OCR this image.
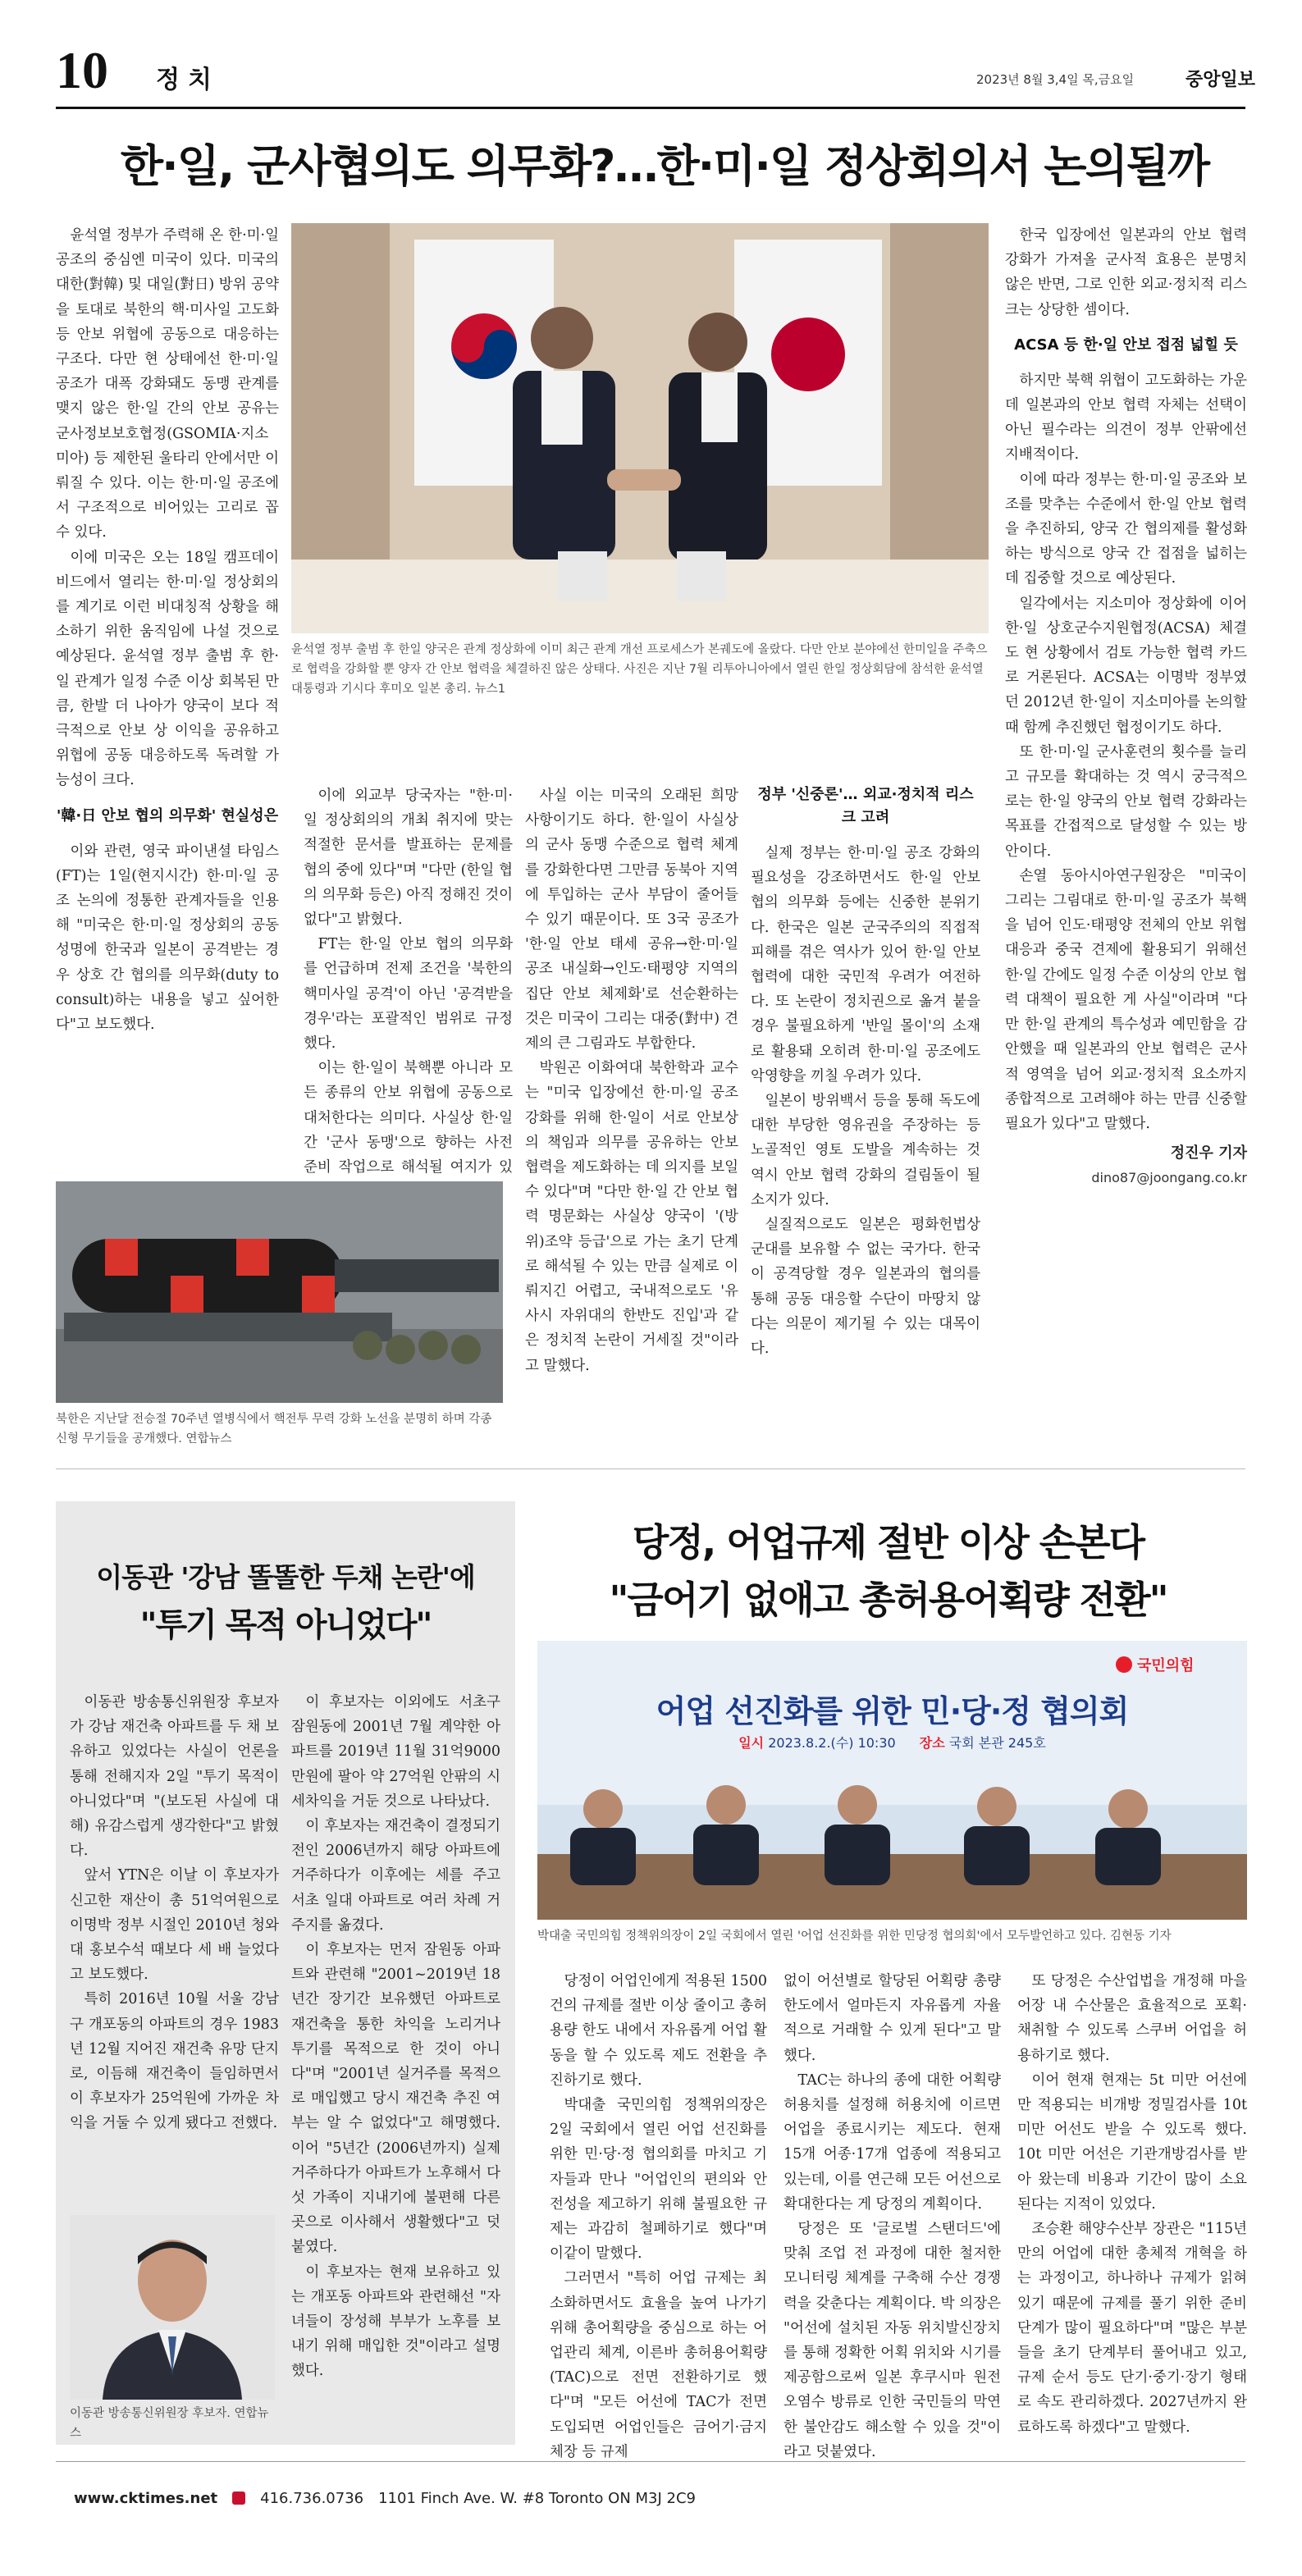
10 정치	2023년 8월 3,4일 목,금요일	중앙일보
한·일, 군사협의도 의무화?…한·미·일 정상회의서 논의될까

윤석열 정부가 주력해 온 한·미·일 공조의 중심엔 미국이 있다. 미국의 대한(對韓) 및 대일(對日) 방위 공약을 토대로 북한의 핵·미사일 고도화 등 안보 위협에 공동으로 대응하는 구조다. 다만 현 상태에선 한·미·일 공조가 대폭 강화돼도 동맹 관계를 맺지 않은 한·일 간의 안보 공유는 군사정보보호협정(GSOMIA·지소미아) 등 제한된 울타리 안에서만 이뤄질 수 있다. 이는 한·미·일 공조에서 구조적으로 비어있는 고리로 꼽수 있다.

이에 미국은 오는 18일 캠프데이비드에서 열리는 한·미·일 정상회의를 계기로 이런 비대칭적 상황을 해소하기 위한 움직임에 나설 것으로 예상된다. 윤석열 정부 출범 후 한·일 관계가 일정 수준 이상 회복된 만큼, 한발 더 나아가 양국이 보다 적극적으로 안보 상 이익을 공유하고 위협에 공동 대응하도록 독려할 가능성이 크다.

'韓·日 안보 협의 의무화' 현실성은

이와 관련, 영국 파이낸셜 타임스(FT)는 1일(현지시간) 한·미·일 공조 논의에 정통한 관계자들을 인용해 "미국은 한·미·일 정상회의 공동성명에 한국과 일본이 공격받는 경우 상호 간 협의를 의무화(duty to consult)하는 내용을 넣고 싶어한다"고 보도했다.

윤석열 정부 출범 후 한일 양국은 관계 정상화에 이미 최근 관계 개선 프로세스가 본궤도에 올랐다. 다만 안보 분야에선 한미일을 주축으로 협력을 강화할 뿐 양자 간 안보 협력을 체결하진 않은 상태다. 사진은 지난 7월 리투아니아에서 열린 한일 정상회담에 참석한 윤석열 대통령과 기시다 후미오 일본 총리. 뉴스1

이에 외교부 당국자는 "한·미·일 정상회의의 개최 취지에 맞는 적절한 문서를 발표하는 문제를 협의 중에 있다"며 "다만 (한일 협의 의무화 등은) 아직 정해진 것이 없다"고 밝혔다.

FT는 한·일 안보 협의 의무화를 언급하며 전제 조건을 '북한의 핵미사일 공격'이 아닌 '공격받을 경우'라는 포괄적인 범위로 규정했다.

이는 한·일이 북핵뿐 아니라 모든 종류의 안보 위협에 공동으로 대처한다는 의미다. 사실상 한·일 간 '군사 동맹'으로 향하는 사전 준비 작업으로 해석될 여지가 있

사실 이는 미국의 오래된 희망 사항이기도 하다. 한·일이 사실상의 군사 동맹 수준으로 협력 체계를 강화한다면 그만큼 동북아 지역에 투입하는 군사 부담이 줄어들 수 있기 때문이다. 또 3국 공조가 '한·일 안보 태세 공유→한·미·일 공조 내실화→인도·태평양 지역의 집단 안보 체제화'로 선순환하는 것은 미국이 그리는 대중(對中) 견제의 큰 그림과도 부합한다.

박원곤 이화여대 북한학과 교수는 "미국 입장에선 한·미·일 공조 강화를 위해 한·일이 서로 안보상의 책임과 의무를 공유하는 안보 협력을 제도화하는 데 의지를 보일 수 있다"며 "다만 한·일 간 안보 협력 명문화는 사실상 양국이 '(방위)조약 등급'으로 가는 초기 단계로 해석될 수 있는 만큼 실제로 이뤄지긴 어렵고, 국내적으로도 '유사시 자위대의 한반도 진입'과 같은 정치적 논란이 거세질 것"이라고 말했다.

정부 '신중론'… 외교·정치적 리스크 고려

실제 정부는 한·미·일 공조 강화의 필요성을 강조하면서도 한·일 안보 협의 의무화 등에는 신중한 분위기다. 한국은 일본 군국주의의 직접적 피해를 겪은 역사가 있어 한·일 안보 협력에 대한 국민적 우려가 여전하다. 또 논란이 정치권으로 옮겨 붙을 경우 불필요하게 '반일 몰이'의 소재로 활용돼 오히려 한·미·일 공조에도 악영향을 끼칠 우려가 있다.

일본이 방위백서 등을 통해 독도에 대한 부당한 영유권을 주장하는 등 노골적인 영토 도발을 계속하는 것 역시 안보 협력 강화의 걸림돌이 될 소지가 있다.

실질적으로도 일본은 평화헌법상 군대를 보유할 수 없는 국가다. 한국이 공격당할 경우 일본과의 협의를 통해 공동 대응할 수단이 마땅치 않다는 의문이 제기될 수 있는 대목이다.

한국 입장에선 일본과의 안보 협력 강화가 가져올 군사적 효용은 분명치 않은 반면, 그로 인한 외교·정치적 리스크는 상당한 셈이다.

ACSA 등 한·일 안보 접점 넓힐 듯

하지만 북핵 위협이 고도화하는 가운데 일본과의 안보 협력 자체는 선택이 아닌 필수라는 의견이 정부 안팎에선 지배적이다.

이에 따라 정부는 한·미·일 공조와 보조를 맞추는 수준에서 한·일 안보 협력을 추진하되, 양국 간 협의제를 활성화하는 방식으로 양국 간 접점을 넓히는 데 집중할 것으로 예상된다.

일각에서는 지소미아 정상화에 이어 한·일 상호군수지원협정(ACSA) 체결도 현 상황에서 검토 가능한 협력 카드로 거론된다. ACSA는 이명박 정부였던 2012년 한·일이 지소미아를 논의할 때 함께 추진했던 협정이기도 하다.

또 한·미·일 군사훈련의 횟수를 늘리고 규모를 확대하는 것 역시 궁극적으로는 한·일 양국의 안보 협력 강화라는 목표를 간접적으로 달성할 수 있는 방안이다.

손열 동아시아연구원장은 "미국이 그리는 그림대로 한·미·일 공조가 북핵을 넘어 인도·태평양 전체의 안보 위협 대응과 중국 견제에 활용되기 위해선 한·일 간에도 일정 수준 이상의 안보 협력 대책이 필요한 게 사실"이라며 "다만 한·일 관계의 특수성과 예민함을 감안했을 때 일본과의 안보 협력은 군사적 영역을 넘어 외교·정치적 요소까지 종합적으로 고려해야 하는 만큼 신중할 필요가 있다"고 말했다.

정진우 기자
dino87@joongang.co.kr
북한은 지난달 전승절 70주년 열병식에서 핵전투 무력 강화 노선을 분명히 하며 각종 신형 무기들을 공개했다. 연합뉴스
이동관 '강남 똘똘한 두채 논란'에
"투기 목적 아니었다"

이동관 방송통신위원장 후보자가 강남 재건축 아파트를 두 채 보유하고 있었다는 사실이 언론을 통해 전해지자 2일 "투기 목적이 아니었다"며 "(보도된 사실에 대해) 유감스럽게 생각한다"고 밝혔다.

앞서 YTN은 이날 이 후보자가 신고한 재산이 총 51억여원으로 이명박 정부 시절인 2010년 청와대 홍보수석 때보다 세 배 늘었다고 보도했다.

특히 2016년 10월 서울 강남구 개포동의 아파트의 경우 1983년 12월 지어진 재건축 유망 단지로, 이듬해 재건축이 들임하면서 이 후보자가 25억원에 가까운 차익을 거둘 수 있게 됐다고 전했다.

이 후보자는 이외에도 서초구 잠원동에 2001년 7월 계약한 아파트를 2019년 11월 31억9000만원에 팔아 약 27억원 안팎의 시세차익을 거둔 것으로 나타났다.

이 후보자는 재건축이 결정되기 전인 2006년까지 해당 아파트에 거주하다가 이후에는 세를 주고 서초 일대 아파트로 여러 차례 거주지를 옮겼다.

이 후보자는 먼저 잠원동 아파트와 관련해 "2001~2019년 18년간 장기간 보유했던 아파트로 재건축을 통한 차익을 노리거나 투기를 목적으로 한 것이 아니다"며 "2001년 실거주를 목적으로 매입했고 당시 재건축 추진 여부는 알 수 없었다"고 해명했다. 이어 "5년간 (2006년까지) 실제 거주하다가 아파트가 노후해서 다섯 가족이 지내기에 불편해 다른 곳으로 이사해서 생활했다"고 덧붙였다.

이 후보자는 현재 보유하고 있는 개포동 아파트와 관련해선 "자녀들이 장성해 부부가 노후를 보내기 위해 매입한 것"이라고 설명했다.

이동관 방송통신위원장 후보자. 연합뉴스
당정, 어업규제 절반 이상 손본다
"금어기 없애고 총허용어획량 전환"
국민의힘
어업 선진화를 위한 민·당·정 협의회
일시 2023.8.2.(수) 10:30 장소 국회 본관 245호
박대출 국민의힘 정책위의장이 2일 국회에서 열린 '어업 선진화를 위한 민당정 협의회'에서 모두발언하고 있다. 김현동 기자

당정이 어업인에게 적용된 1500건의 규제를 절반 이상 줄이고 총허용량 한도 내에서 자유롭게 어업 활동을 할 수 있도록 제도 전환을 추진하기로 했다.

박대출 국민의힘 정책위의장은 2일 국회에서 열린 어업 선진화를 위한 민·당·정 협의회를 마치고 기자들과 만나 "어업인의 편의와 안전성을 제고하기 위해 불필요한 규제는 과감히 철폐하기로 했다"며 이같이 말했다.

그러면서 "특히 어업 규제는 최소화하면서도 효율을 높여 나가기 위해 총어획량을 중심으로 하는 어업관리 체계, 이른바 총허용어획량(TAC)으로 전면 전환하기로 했다"며 "모든 어선에 TAC가 전면 도입되면 어업인들은 금어기·금지체장 등 규제

없이 어선별로 할당된 어획량 총량 한도에서 얼마든지 자유롭게 자율적으로 거래할 수 있게 된다"고 말했다.

TAC는 하나의 종에 대한 어획량 허용치를 설정해 허용치에 이르면 어업을 종료시키는 제도다. 현재 15개 어종·17개 업종에 적용되고 있는데, 이를 연근해 모든 어선으로 확대한다는 게 당정의 계획이다.

당정은 또 '글로벌 스탠더드'에 맞춰 조업 전 과정에 대한 철저한 모니터링 체계를 구축해 수산 경쟁력을 갖춘다는 계획이다. 박 의장은 "어선에 설치된 자동 위치발신장치를 통해 정확한 어획 위치와 시기를 제공함으로써 일본 후쿠시마 원전 오염수 방류로 인한 국민들의 막연한 불안감도 해소할 수 있을 것"이라고 덧붙였다.

또 당정은 수산업법을 개정해 마을 어장 내 수산물은 효율적으로 포획·채취할 수 있도록 스쿠버 어업을 허용하기로 했다.

이어 현재 현재는 5t 미만 어선에만 적용되는 비개방 정밀검사를 10t 미만 어선도 받을 수 있도록 했다. 10t 미만 어선은 기관개방검사를 받아 왔는데 비용과 기간이 많이 소요된다는 지적이 있었다.

조승환 해양수산부 장관은 "115년 만의 어업에 대한 총체적 개혁을 하는 과정이고, 하나하나 규제가 읽혀 있기 때문에 규제를 풀기 위한 준비 단계가 많이 필요하다"며 "많은 부분들을 초기 단계부터 풀어내고 있고, 규제 순서 등도 단기·중기·장기 형태로 속도 관리하겠다. 2027년까지 완료하도록 하겠다"고 말했다.

www.cktimes.net	416.736.0736 1101 Finch Ave. W. #8 Toronto ON M3J 2C9
